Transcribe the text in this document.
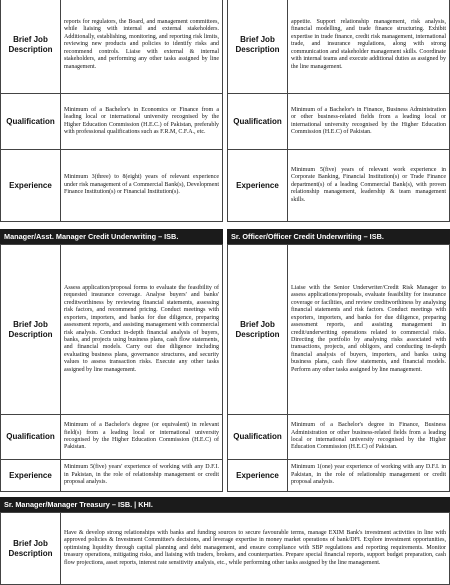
Brief Job Description	reports for regulators, the Board, and management committees, while liaising with internal and external stakeholders. Additionally, establishing, monitoring, and reporting risk limits, reviewing new products and policies to identify risks and recommend controls. Liaise with external & internal stakeholders, and performing any other tasks assigned by line management.
Qualification	Minimum of a Bachelor's in Economics or Finance from a leading local or international university recognised by the Higher Education Commission (H.E.C.) of Pakistan, preferably with professional qualifications such as F.R.M, C.F.A., etc.
Experience	Minimum 3(three) to 8(eight) years of relevant experience under risk management of a Commercial Bank(s), Development Finance Institution(s) or Financial Institution(s).
Brief Job Description	appetite. Support relationship management, risk analysis, financial modelling, and trade finance structuring. Exhibit expertise in trade finance, credit risk management, international trade, and insurance regulations, along with strong communication and stakeholder management skills. Coordinate with internal teams and execute additional duties as assigned by the line management.
Qualification	Minimum of a Bachelor's in Finance, Business Administration or other business-related fields from a leading local or international university recognised by the Higher Education Commission (H.E.C) of Pakistan.
Experience	Minimum 5(five) years of relevant work experience in Corporate Banking, Financial Institution(s) or Trade Finance department(s) of a leading Commercial Bank(s), with proven relationship management, leadership & team management skills.
Manager/Asst. Manager Credit Underwriting – ISB.
Brief Job Description	Assess application/proposal forms to evaluate the feasibility of requested insurance coverage. Analyse buyers' and banks' creditworthiness by reviewing financial statements, assessing risk factors, and recommend pricing. Conduct meetings with exporters, importers, and banks for due diligence, preparing assessment reports, and assisting management with commercial risk analysis. Conduct in-depth financial analysis of buyers, banks, and projects using business plans, cash flow statements, and financial models. Carry out due diligence including evaluating business plans, governance structures, and security values to assess transaction risks. Execute any other tasks assigned by line management.
Qualification	Minimum of a Bachelor's degree (or equivalent) in relevant field(s) from a leading local or international university recognised by the Higher Education Commission (H.E.C) of Pakistan.
Experience	Minimum 5(five) years' experience of working with any D.F.I. in Pakistan, in the role of relationship management or credit proposal analysis.
Sr. Officer/Officer Credit Underwriting – ISB.
Brief Job Description	Liaise with the Senior Underwriter/Credit Risk Manager to assess applications/proposals, evaluate feasibility for insurance coverage or facilities, and review creditworthiness by analysing financial statements and risk factors. Conduct meetings with exporters, importers, and banks for due diligence, preparing assessment reports, and assisting management in credit/underwriting operations related to commercial risks. Directing the portfolio by analysing risks associated with transactions, projects, and obligors, and conducting in-depth financial analysis of buyers, importers, and banks using business plans, cash flow statements, and financial models. Perform any other tasks assigned by line management.
Qualification	Minimum of a Bachelor's degree in Finance, Business Administration or other business-related fields from a leading local or international university recognised by the Higher Education Commission (H.E.C) of Pakistan.
Experience	Minimum 1(one) year experience of working with any D.F.I. in Pakistan, in the role of relationship management or credit proposal analysis.
Sr. Manager/Manager Treasury – ISB. | KHI.
Brief Job Description	Have & develop strong relationships with banks and funding sources to secure favourable terms, manage EXIM Bank's investment activities in line with approved policies & Investment Committee's decisions, and leverage expertise in money market operations of bank/DFI. Explore investment opportunities, optimising liquidity through capital planning and debt management, and ensure compliance with SBP regulations and reporting requirements. Monitor treasury operations, mitigating risks, and liaising with traders, brokers, and counterparties. Prepare special financial reports, support budget preparation, cash flow projections, asset reports, interest rate sensitivity analysis, etc., while performing other tasks assigned by the line management.
